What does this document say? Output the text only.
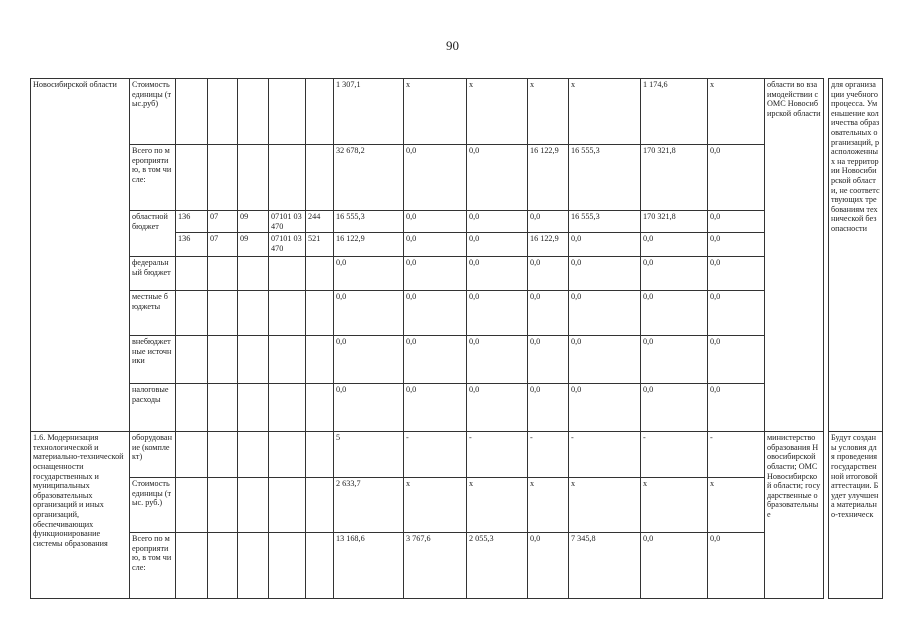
90
Новосибирской области	Стоимость единицы (тыс.руб)						1 307,1	х	х	х	х	1 174,6	х	области во взаимодействии с ОМС Новосибирской области		для организации учебного процесса. Уменьшение количества образовательных организаций, расположенных на территории Новосибирской области, не соответствующих требованиям технической безопасности
	Всего по мероприятию, в том числе:						32 678,2	0,0	0,0	16 122,9	16 555,3	170 321,8	0,0			
	областной бюджет	136	07	09	07101 03470	244	16 555,3	0,0	0,0	0,0	16 555,3	170 321,8	0,0			
		136	07	09	07101 03470	521	16 122,9	0,0	0,0	16 122,9	0,0	0,0	0,0			
	федеральный бюджет						0,0	0,0	0,0	0,0	0,0	0,0	0,0			
	местные бюджеты						0,0	0,0	0,0	0,0	0,0	0,0	0,0			
	внебюджетные источники						0,0	0,0	0,0	0,0	0,0	0,0	0,0			
	налоговые расходы						0,0	0,0	0,0	0,0	0,0	0,0	0,0			
1.6. Модернизация технологической и материально-технической оснащенности государственных и муниципальных образовательных организаций и иных организаций, обеспечивающих функционирование системы образования	оборудование (комплект)						5	-	-	-	-	-	-	министерство образования Новосибирской области; ОМС Новосибирской области; государственные образовательные		Будут созданы условия для проведения государственной итоговой аттестации. Будет улучшена материально-техническ
	Стоимость единицы (тыс. руб.)						2 633,7	х	х	х	х	х	х			
	Всего по мероприятию, в том числе:						13 168,6	3 767,6	2 055,3	0,0	7 345,8	0,0	0,0			
